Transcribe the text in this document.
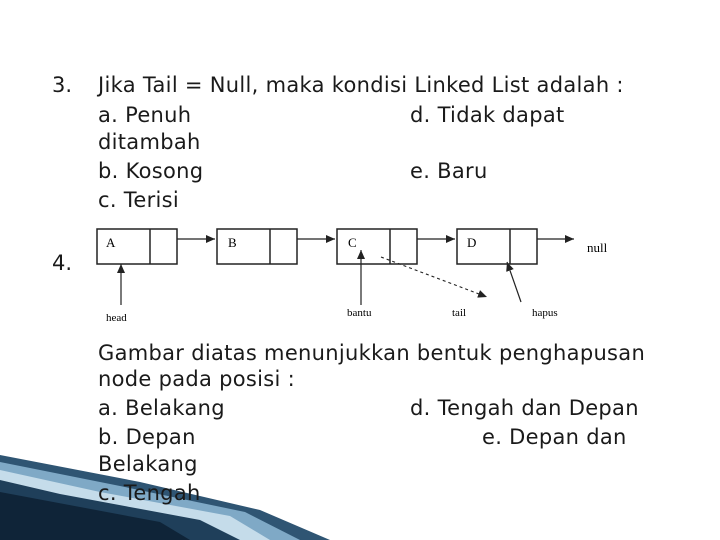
3. Jika Tail = Null, maka kondisi Linked List adalah :
a. Penuh	d. Tidak dapat
ditambah
b. Kosong	e. Baru
c. Terisi
4.
A	B	C	D	null
head	bantu	tail	hapus
Gambar diatas menunjukkan bentuk penghapusan
node pada posisi :
a. Belakang	d. Tengah dan Depan
b. Depan	e. Depan dan
Belakang
c. Tengah
